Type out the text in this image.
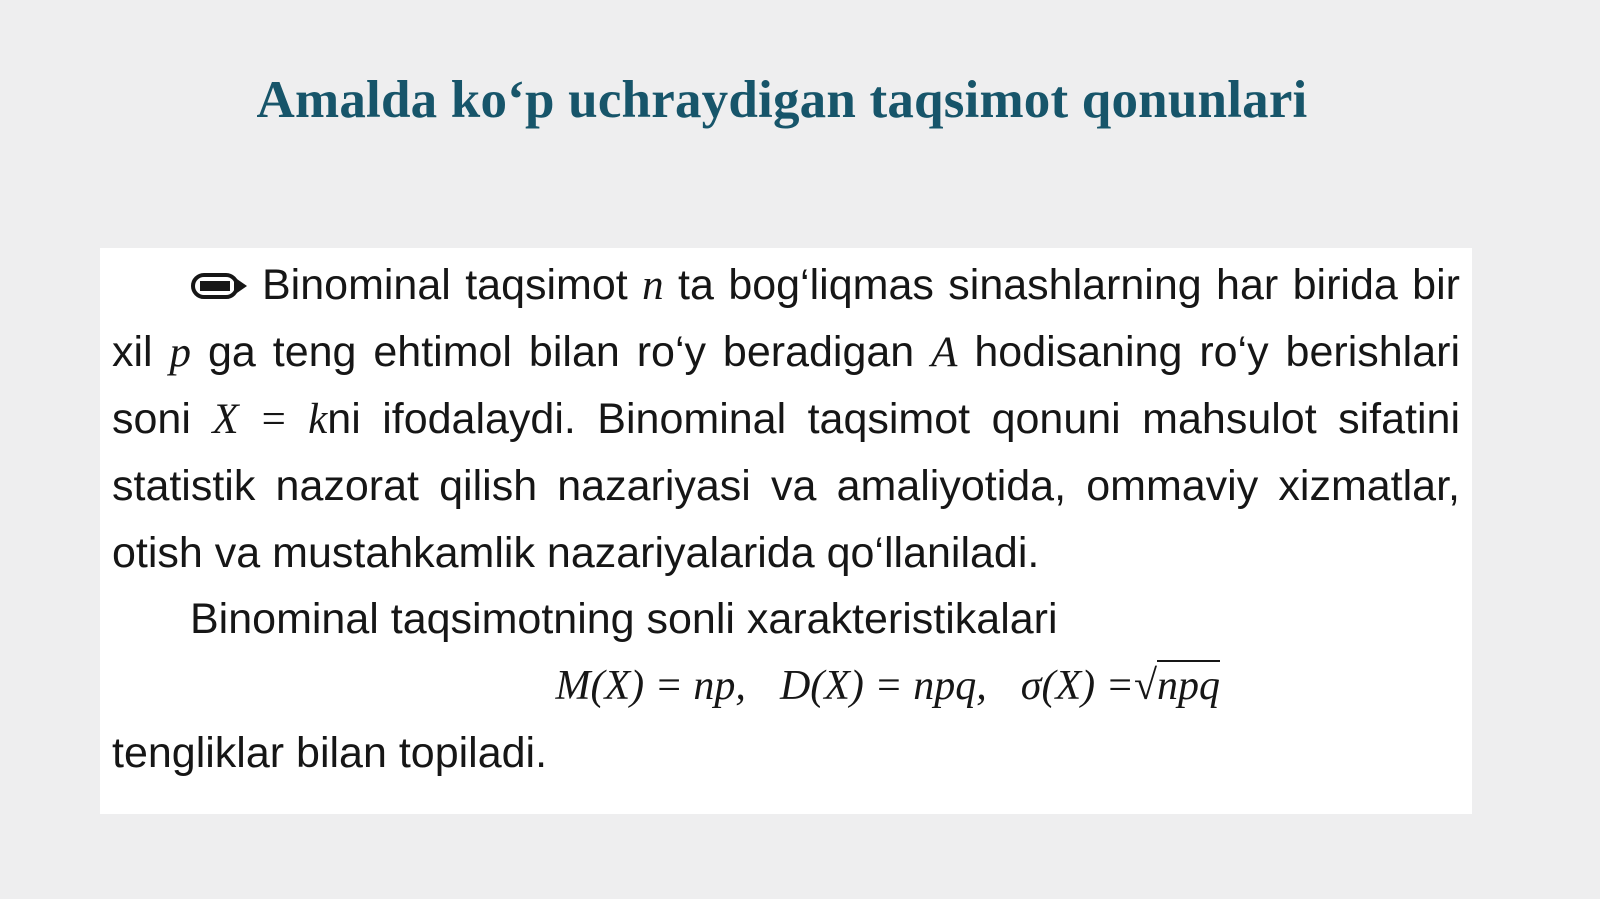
Amalda ko‘p uchraydigan taqsimot qonunlari

Binominal taqsimot n ta bog‘liqmas sinashlarning har birida bir xil p ga teng ehtimol bilan ro‘y beradigan A hodisaning ro‘y berishlari soni X = kni ifodalaydi. Binominal taqsimot qonuni mahsulot sifatini statistik nazorat qilish nazariyasi va amaliyotida, ommaviy xizmatlar, otish va mustahkamlik nazariyalarida qo‘llaniladi.

Binominal taqsimotning sonli xarakteristikalari

M(X) = np, D(X) = npq, σ(X) =√npq

tengliklar bilan topiladi.
